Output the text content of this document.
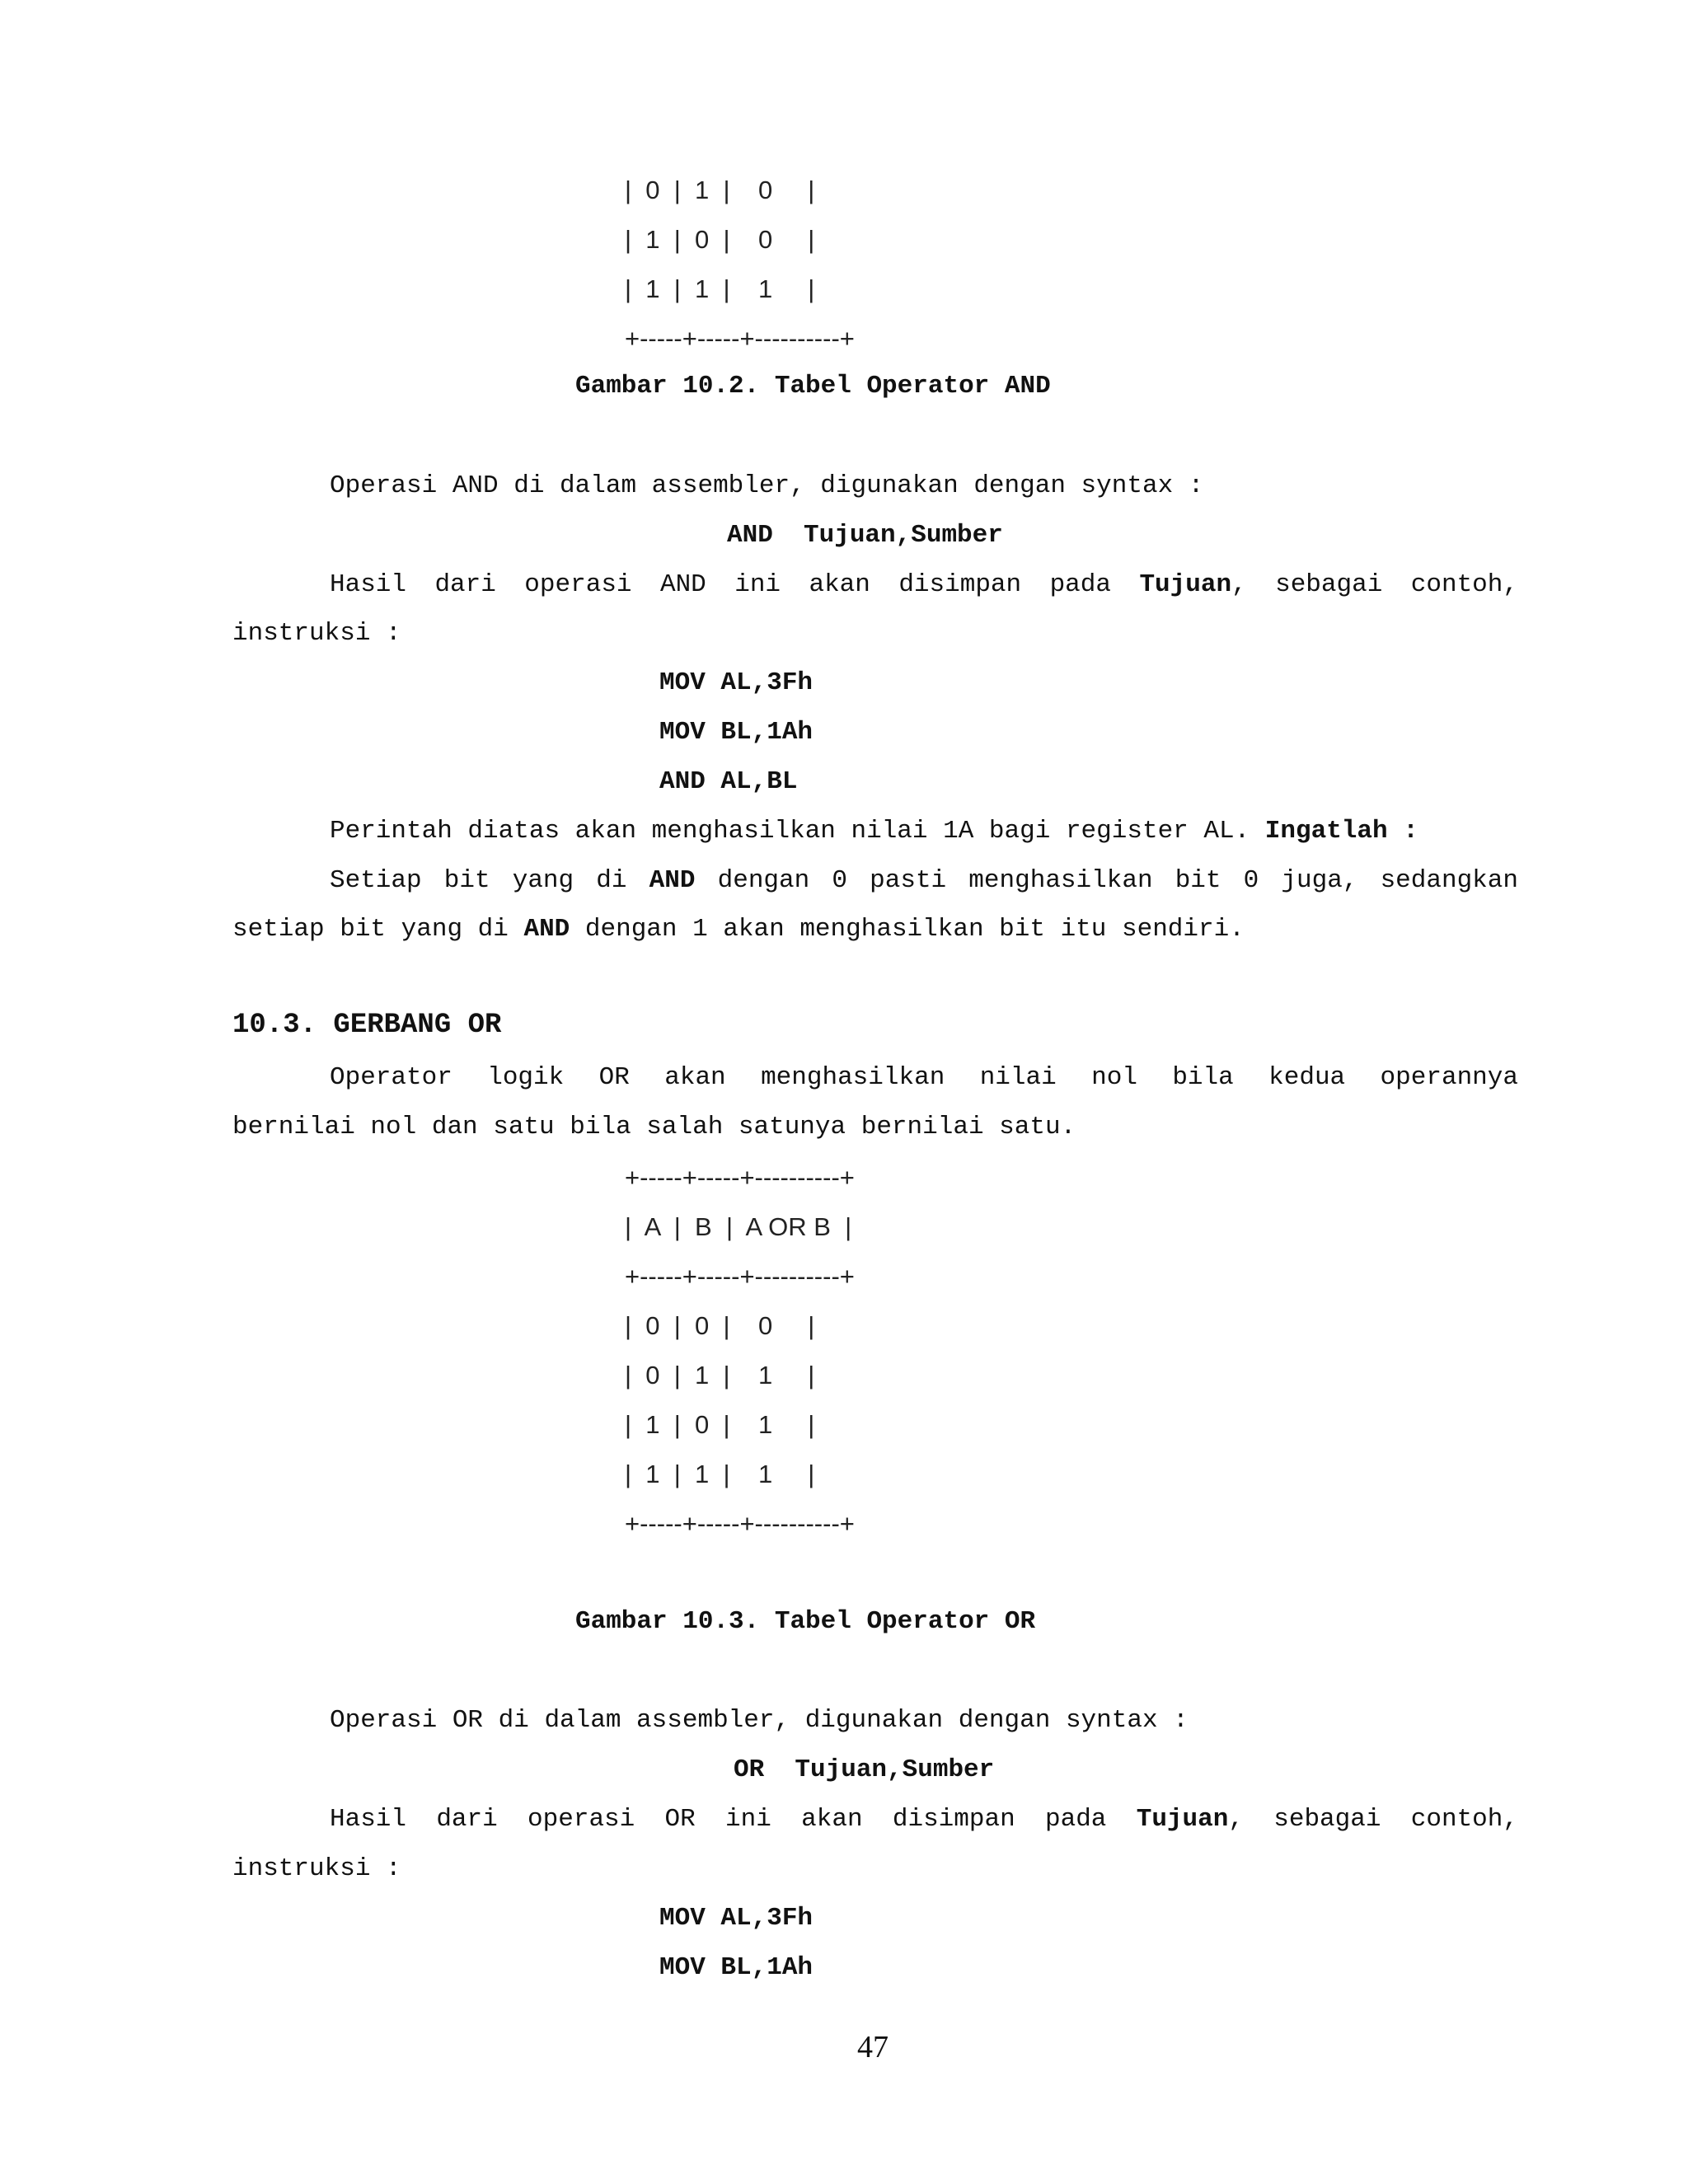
|  0  |  1  |    0     |
|  1  |  0  |    0     |
|  1  |  1  |    1     |
+-----+-----+----------+
Gambar 10.2. Tabel Operator AND
Operasi AND di dalam assembler, digunakan dengan syntax :
AND  Tujuan,Sumber
Hasil dari operasi AND ini akan disimpan pada Tujuan, sebagai contoh,
instruksi :
MOV AL,3Fh
MOV BL,1Ah
AND AL,BL
Perintah diatas akan menghasilkan nilai 1A bagi register AL. Ingatlah :
Setiap bit yang di AND dengan 0 pasti menghasilkan bit 0 juga, sedangkan
setiap bit yang di AND dengan 1 akan menghasilkan bit itu sendiri.
10.3. GERBANG OR
Operator logik OR akan menghasilkan nilai nol bila kedua operannya
bernilai nol dan satu bila salah satunya bernilai satu.
+-----+-----+----------+
|  A  |  B  |  A OR B  |
+-----+-----+----------+
|  0  |  0  |    0     |
|  0  |  1  |    1     |
|  1  |  0  |    1     |
|  1  |  1  |    1     |
+-----+-----+----------+
Gambar 10.3. Tabel Operator OR
Operasi OR di dalam assembler, digunakan dengan syntax :
OR  Tujuan,Sumber
Hasil dari operasi OR ini akan disimpan pada Tujuan, sebagai contoh,
instruksi :
MOV AL,3Fh
MOV BL,1Ah
47
